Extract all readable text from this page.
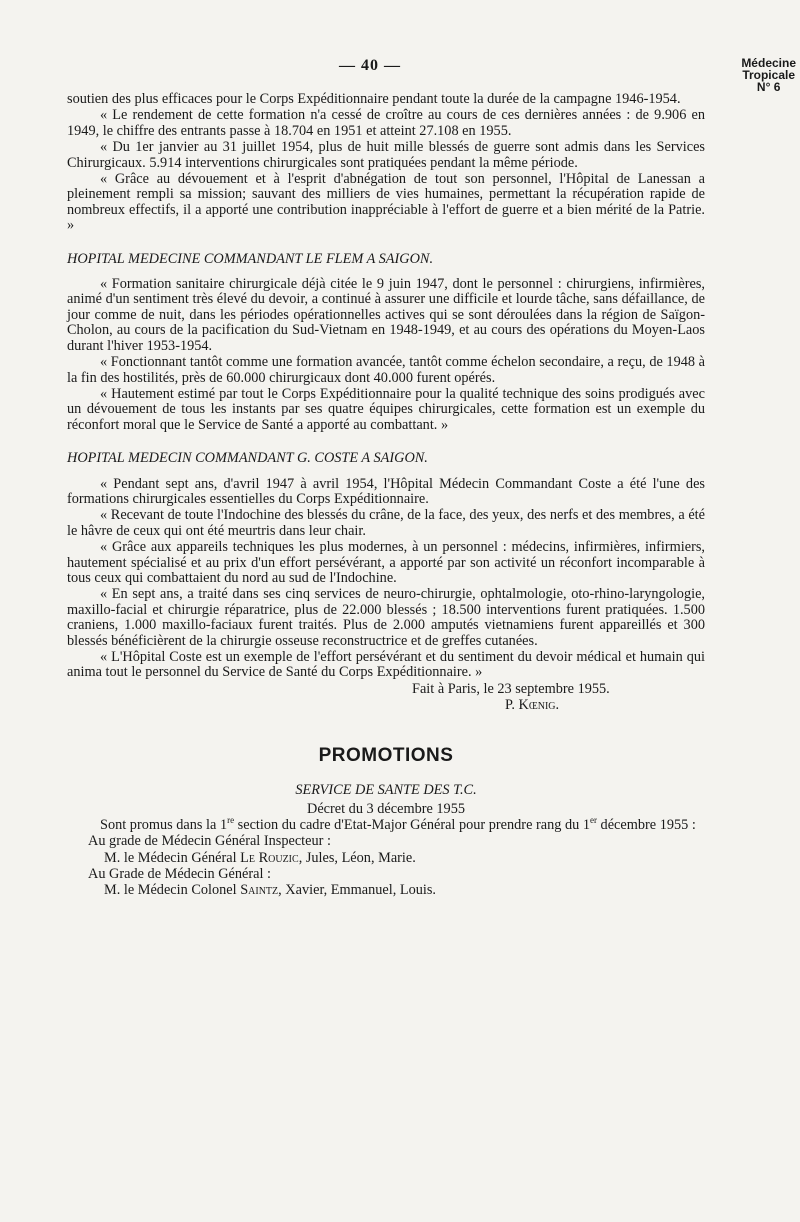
— 40 —	Médecine
Tropicale
N° 6

soutien des plus efficaces pour le Corps Expéditionnaire pendant toute la durée de la campagne 1946-1954.

« Le rendement de cette formation n'a cessé de croître au cours de ces dernières années : de 9.906 en 1949, le chiffre des entrants passe à 18.704 en 1951 et atteint 27.108 en 1955.

« Du 1er janvier au 31 juillet 1954, plus de huit mille blessés de guerre sont admis dans les Services Chirurgicaux. 5.914 interventions chirurgicales sont pratiquées pendant la même période.

« Grâce au dévouement et à l'esprit d'abnégation de tout son personnel, l'Hôpital de Lanessan a pleinement rempli sa mission; sauvant des milliers de vies humaines, permettant la récupération rapide de nombreux effectifs, il a apporté une contribution inappréciable à l'effort de guerre et a bien mérité de la Patrie. »

HOPITAL MEDECINE COMMANDANT LE FLEM A SAIGON.

« Formation sanitaire chirurgicale déjà citée le 9 juin 1947, dont le personnel : chirurgiens, infirmières, animé d'un sentiment très élevé du devoir, a continué à assurer une difficile et lourde tâche, sans défaillance, de jour comme de nuit, dans les périodes opérationnelles actives qui se sont déroulées dans la région de Saïgon-Cholon, au cours de la pacification du Sud-Vietnam en 1948-1949, et au cours des opérations du Moyen-Laos durant l'hiver 1953-1954.

« Fonctionnant tantôt comme une formation avancée, tantôt comme échelon secondaire, a reçu, de 1948 à la fin des hostilités, près de 60.000 chirurgicaux dont 40.000 furent opérés.

« Hautement estimé par tout le Corps Expéditionnaire pour la qualité technique des soins prodigués avec un dévouement de tous les instants par ses quatre équipes chirurgicales, cette formation est un exemple du réconfort moral que le Service de Santé a apporté au combattant. »

HOPITAL MEDECIN COMMANDANT G. COSTE A SAIGON.

« Pendant sept ans, d'avril 1947 à avril 1954, l'Hôpital Médecin Commandant Coste a été l'une des formations chirurgicales essentielles du Corps Expéditionnaire.

« Recevant de toute l'Indochine des blessés du crâne, de la face, des yeux, des nerfs et des membres, a été le hâvre de ceux qui ont été meurtris dans leur chair.

« Grâce aux appareils techniques les plus modernes, à un personnel : médecins, infirmières, infirmiers, hautement spécialisé et au prix d'un effort persévérant, a apporté par son activité un réconfort incomparable à tous ceux qui combattaient du nord au sud de l'Indochine.

« En sept ans, a traité dans ses cinq services de neuro-chirurgie, ophtalmologie, oto-rhino-laryngologie, maxillo-facial et chirurgie réparatrice, plus de 22.000 blessés ; 18.500 interventions furent pratiquées. 1.500 craniens, 1.000 maxillo-faciaux furent traités. Plus de 2.000 amputés vietnamiens furent appareillés et 300 blessés bénéficièrent de la chirurgie osseuse reconstructrice et de greffes cutanées.

« L'Hôpital Coste est un exemple de l'effort persévérant et du sentiment du devoir médical et humain qui anima tout le personnel du Service de Santé du Corps Expéditionnaire. »

Fait à Paris, le 23 septembre 1955.

P. Kœnig.

PROMOTIONS
SERVICE DE SANTE DES T.C.
Décret du 3 décembre 1955

Sont promus dans la 1re section du cadre d'Etat-Major Général pour prendre rang du 1er décembre 1955 :

Au grade de Médecin Général Inspecteur :

M. le Médecin Général Le Rouzic, Jules, Léon, Marie.

Au Grade de Médecin Général :

M. le Médecin Colonel Saintz, Xavier, Emmanuel, Louis.
